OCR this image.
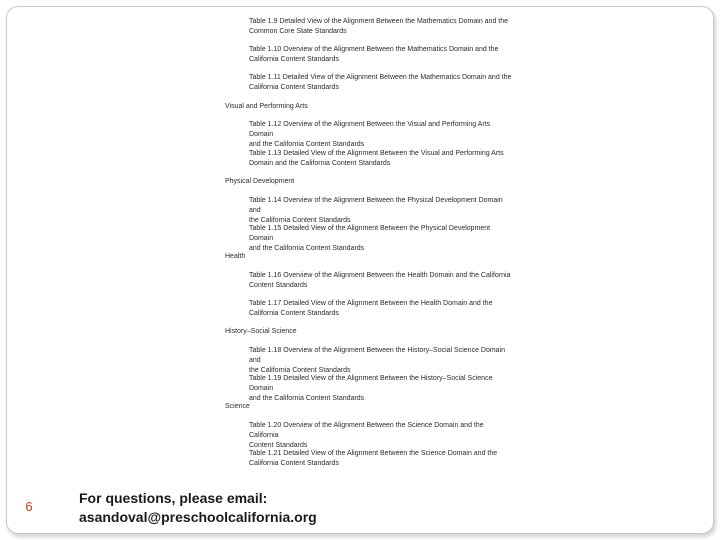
Table 1.9 Detailed View of the Alignment Between the Mathematics Domain and the
Common Core State Standards
Table 1.10 Overview of the Alignment Between the Mathematics Domain and the
California Content Standards
Table 1.11 Detailed View of the Alignment Between the Mathematics Domain and the
California Content Standards
Visual and Performing Arts
Table 1.12 Overview of the Alignment Between the Visual and Performing Arts Domain
and the California Content Standards
Table 1.13 Detailed View of the Alignment Between the Visual and Performing Arts
Domain and the California Content Standards
Physical Development
Table 1.14 Overview of the Alignment Between the Physical Development Domain and
the California Content Standards
Table 1.15 Detailed View of the Alignment Between the Physical Development Domain
and the California Content Standards
Health
Table 1.16 Overview of the Alignment Between the Health Domain and the California
Content Standards
Table 1.17 Detailed View of the Alignment Between the Health Domain and the
California Content Standards
History–Social Science
Table 1.18 Overview of the Alignment Between the History–Social Science Domain and
the California Content Standards
Table 1.19 Detailed View of the Alignment Between the History–Social Science Domain
and the California Content Standards
Science
Table 1.20 Overview of the Alignment Between the Science Domain and the California
Content Standards
Table 1.21 Detailed View of the Alignment Between the Science Domain and the
California Content Standards
6
For questions, please email:
asandoval@preschoolcalifornia.org
